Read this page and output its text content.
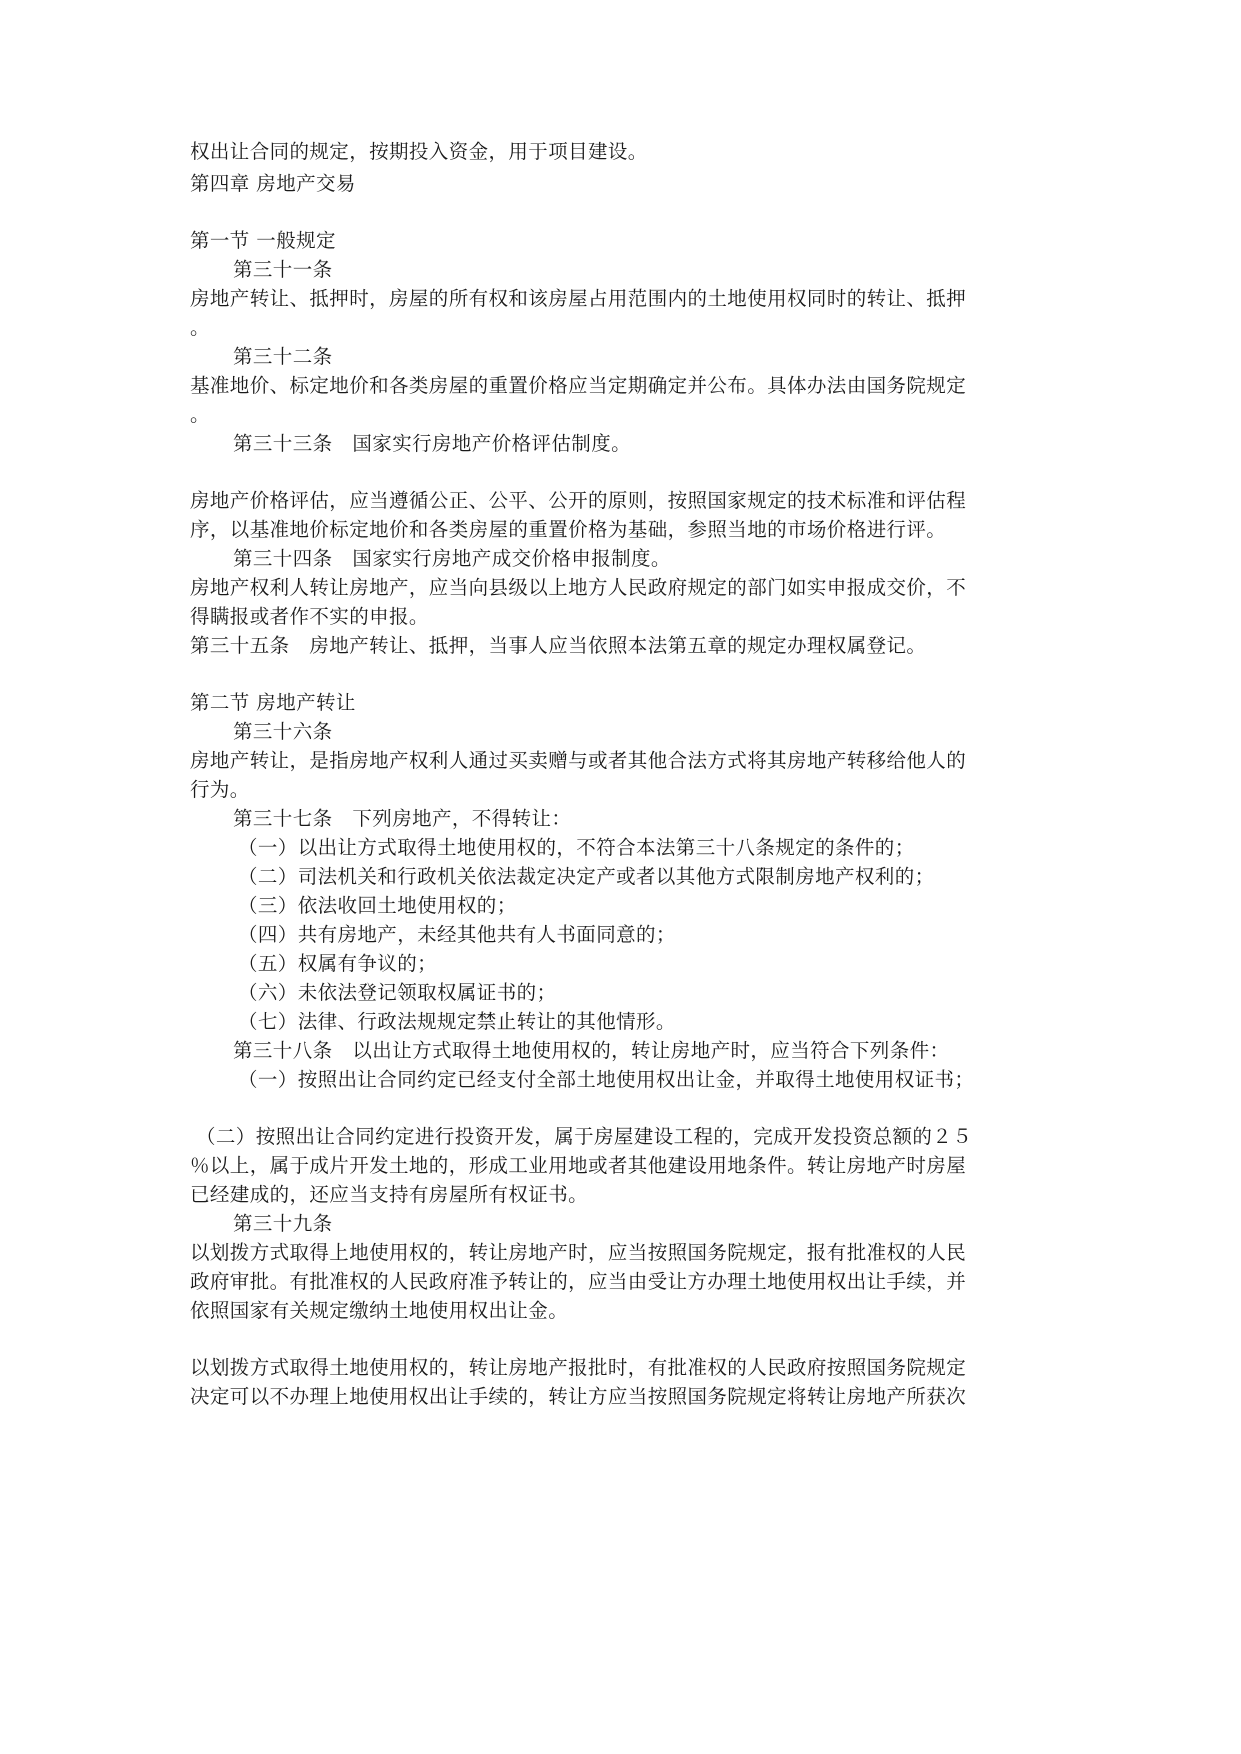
权出让合同的规定，按期投入资金，用于项目建设。
第四章 房地产交易
第一节 一般规定
第三十一条
房地产转让、抵押时，房屋的所有权和该房屋占用范围内的土地使用权同时的转让、抵押
。
第三十二条
基准地价、标定地价和各类房屋的重置价格应当定期确定并公布。具体办法由国务院规定
。
第三十三条　国家实行房地产价格评估制度。
房地产价格评估，应当遵循公正、公平、公开的原则，按照国家规定的技术标准和评估程
序，以基准地价标定地价和各类房屋的重置价格为基础，参照当地的市场价格进行评。
第三十四条　国家实行房地产成交价格申报制度。
房地产权利人转让房地产，应当向县级以上地方人民政府规定的部门如实申报成交价，不
得瞒报或者作不实的申报。
第三十五条　房地产转让、抵押，当事人应当依照本法第五章的规定办理权属登记。
第二节 房地产转让
第三十六条
房地产转让，是指房地产权利人通过买卖赠与或者其他合法方式将其房地产转移给他人的
行为。
第三十七条　下列房地产，不得转让：
（一）以出让方式取得土地使用权的，不符合本法第三十八条规定的条件的；
（二）司法机关和行政机关依法裁定决定产或者以其他方式限制房地产权利的；
（三）依法收回土地使用权的；
（四）共有房地产，未经其他共有人书面同意的；
（五）权属有争议的；
（六）未依法登记领取权属证书的；
（七）法律、行政法规规定禁止转让的其他情形。
第三十八条　以出让方式取得土地使用权的，转让房地产时，应当符合下列条件：
（一）按照出让合同约定已经支付全部土地使用权出让金，并取得土地使用权证书；
（二）按照出让合同约定进行投资开发，属于房屋建设工程的，完成开发投资总额的２５
％以上，属于成片开发土地的，形成工业用地或者其他建设用地条件。转让房地产时房屋
已经建成的，还应当支持有房屋所有权证书。
第三十九条
以划拨方式取得上地使用权的，转让房地产时，应当按照国务院规定，报有批准权的人民
政府审批。有批准权的人民政府准予转让的，应当由受让方办理土地使用权出让手续，并
依照国家有关规定缴纳土地使用权出让金。
以划拨方式取得土地使用权的，转让房地产报批时，有批准权的人民政府按照国务院规定
决定可以不办理上地使用权出让手续的，转让方应当按照国务院规定将转让房地产所获次
